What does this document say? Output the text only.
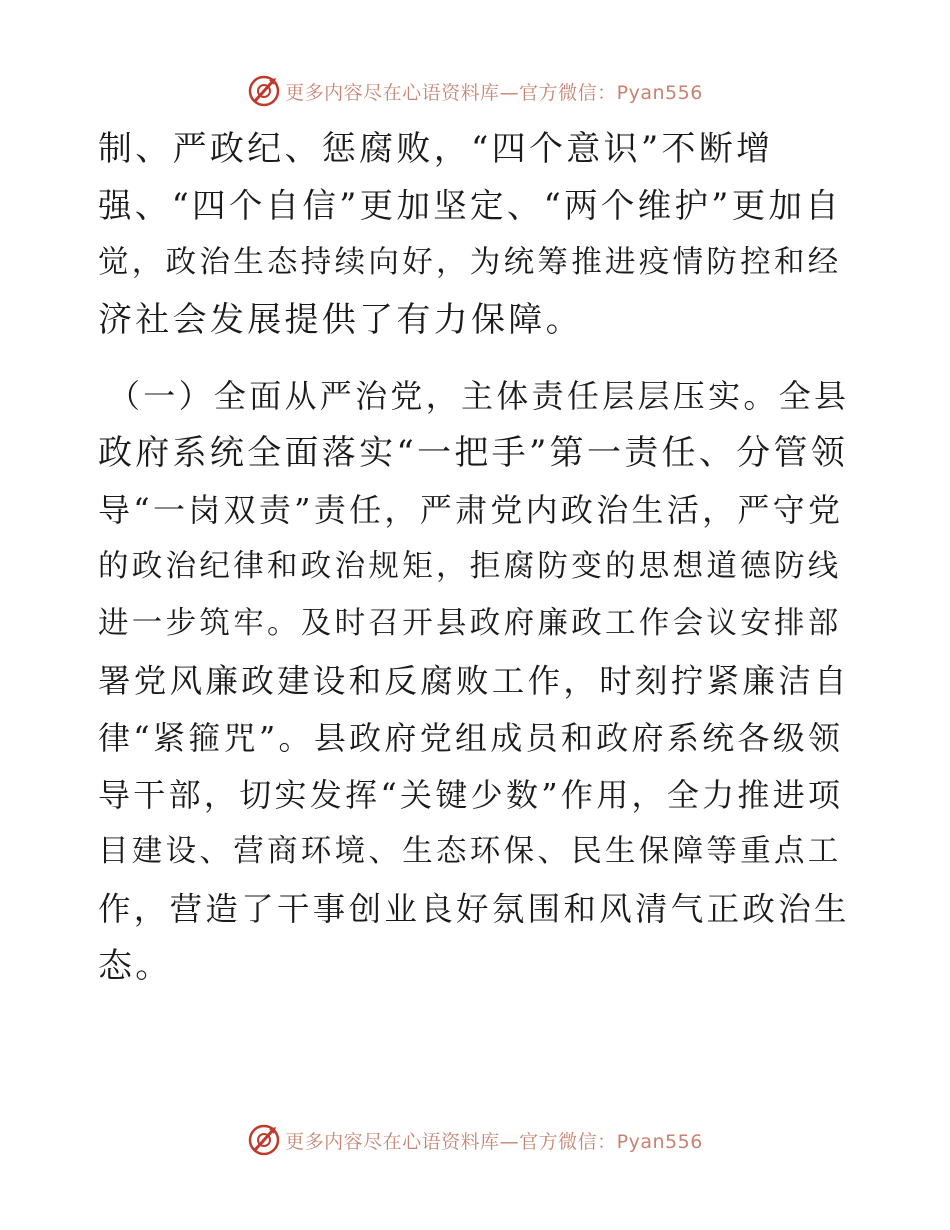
更多内容尽在心语资料库—官方微信：Pyan556
制、严政纪、惩腐败，“四个意识”不断增
强、“四个自信”更加坚定、“两个维护”更加自
觉，政治生态持续向好，为统筹推进疫情防控和经
济社会发展提供了有力保障。
（一）全面从严治党，主体责任层层压实。全县
政府系统全面落实“一把手”第一责任、分管领
导“一岗双责”责任，严肃党内政治生活，严守党
的政治纪律和政治规矩，拒腐防变的思想道德防线
进一步筑牢。及时召开县政府廉政工作会议安排部
署党风廉政建设和反腐败工作，时刻拧紧廉洁自
律“紧箍咒”。县政府党组成员和政府系统各级领
导干部，切实发挥“关键少数”作用，全力推进项
目建设、营商环境、生态环保、民生保障等重点工
作，营造了干事创业良好氛围和风清气正政治生
态。
更多内容尽在心语资料库—官方微信：Pyan556
